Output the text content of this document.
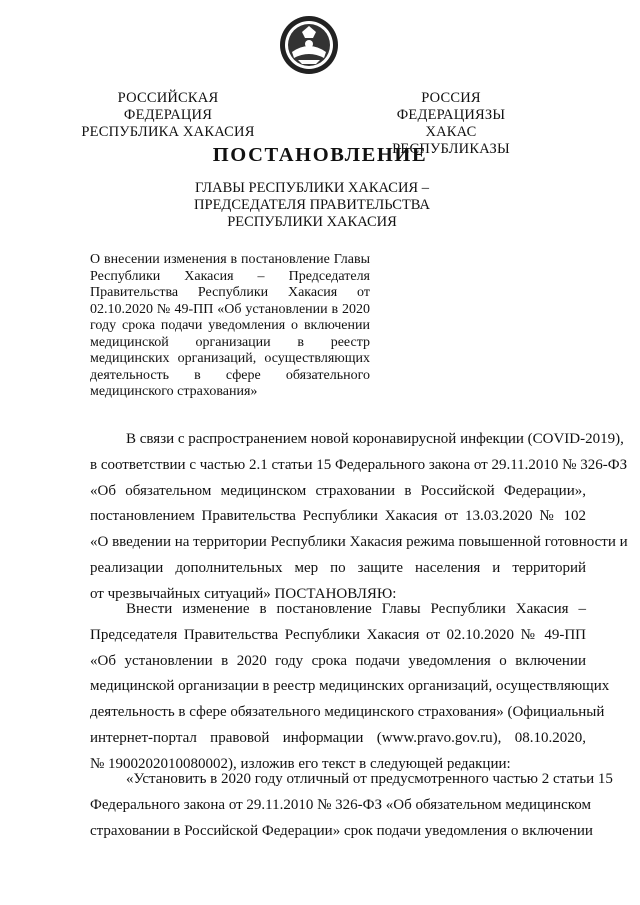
РОССИЙСКАЯ ФЕДЕРАЦИЯ
РЕСПУБЛИКА ХАКАСИЯ
РОССИЯ ФЕДЕРАЦИЯЗЫ
ХАКАС РЕСПУБЛИКАЗЫ
ПОСТАНОВЛЕНИЕ
ГЛАВЫ РЕСПУБЛИКИ ХАКАСИЯ –
ПРЕДСЕДАТЕЛЯ ПРАВИТЕЛЬСТВА
РЕСПУБЛИКИ ХАКАСИЯ
О внесении изменения в постановление Главы
Республики Хакасия – Председателя
Правительства Республики Хакасия от
02.10.2020 № 49-ПП «Об установлении в 2020
году срока подачи уведомления о включении
медицинской организации в реестр
медицинских организаций, осуществляющих
деятельность в сфере обязательного
медицинского страхования»
В связи с распространением новой коронавирусной инфекции (COVID-2019),
в соответствии с частью 2.1 статьи 15 Федерального закона от 29.11.2010 № 326-ФЗ
«Об обязательном медицинском страховании в Российской Федерации»,
постановлением Правительства Республики Хакасия от 13.03.2020 № 102
«О введении на территории Республики Хакасия режима повышенной готовности и
реализации дополнительных мер по защите населения и территорий
от чрезвычайных ситуаций» ПОСТАНОВЛЯЮ:
Внести изменение в постановление Главы Республики Хакасия –
Председателя Правительства Республики Хакасия от 02.10.2020 № 49-ПП
«Об установлении в 2020 году срока подачи уведомления о включении
медицинской организации в реестр медицинских организаций, осуществляющих
деятельность в сфере обязательного медицинского страхования» (Официальный
интернет-портал правовой информации (www.pravo.gov.ru), 08.10.2020,
№ 1900202010080002), изложив его текст в следующей редакции:
«Установить в 2020 году отличный от предусмотренного частью 2 статьи 15
Федерального закона от 29.11.2010 № 326-ФЗ «Об обязательном медицинском
страховании в Российской Федерации» срок подачи уведомления о включении
